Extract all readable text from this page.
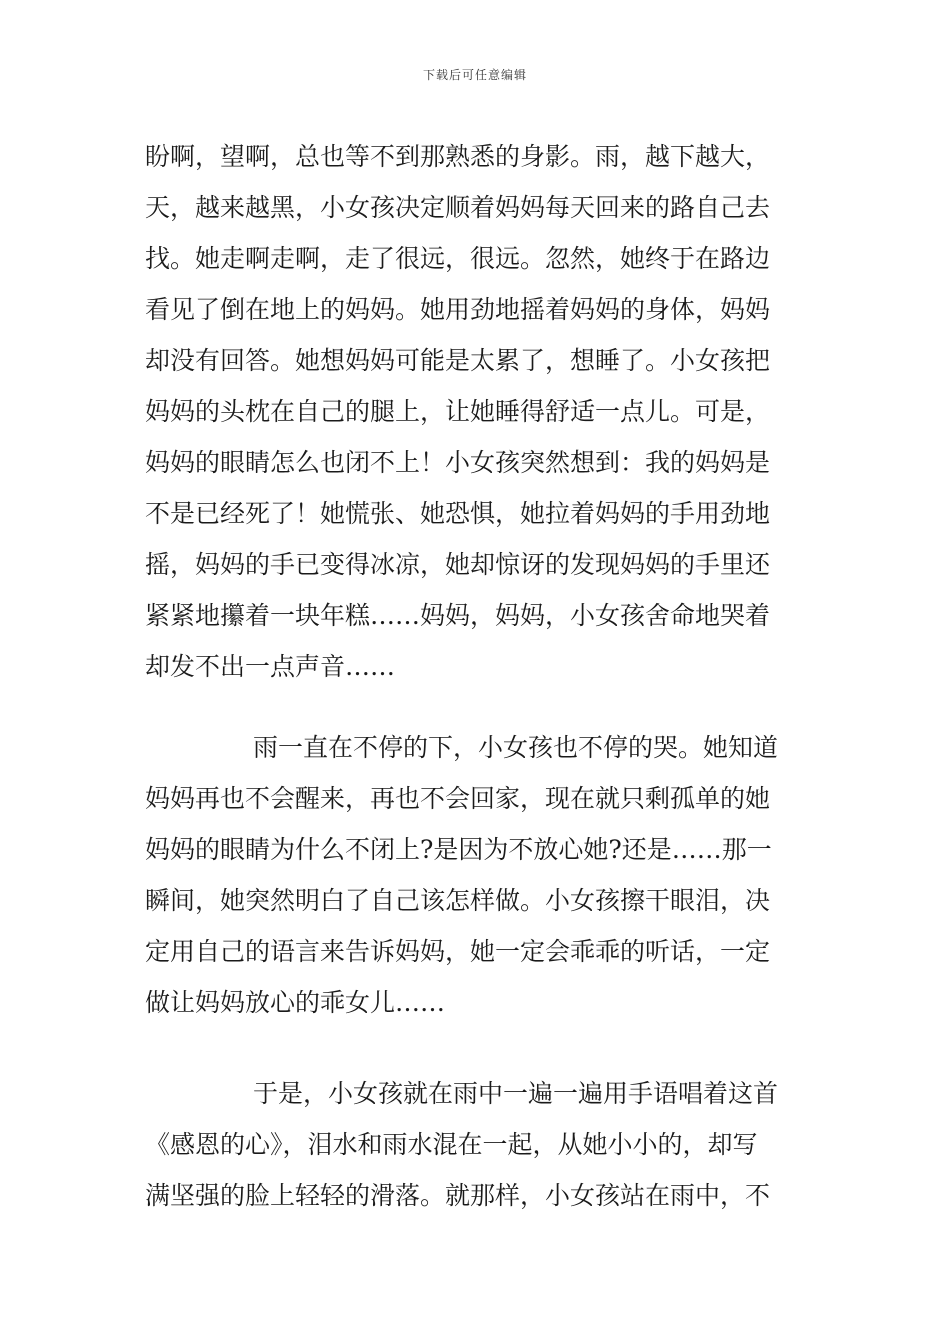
下载后可任意编辑
盼啊，望啊，总也等不到那熟悉的身影。雨，越下越大，
天，越来越黑，小女孩决定顺着妈妈每天回来的路自己去
找。她走啊走啊，走了很远，很远。忽然，她终于在路边
看见了倒在地上的妈妈。她用劲地摇着妈妈的身体，妈妈
却没有回答。她想妈妈可能是太累了，想睡了。小女孩把
妈妈的头枕在自己的腿上，让她睡得舒适一点儿。可是，
妈妈的眼睛怎么也闭不上！小女孩突然想到：我的妈妈是
不是已经死了！她慌张、她恐惧，她拉着妈妈的手用劲地
摇，妈妈的手已变得冰凉，她却惊讶的发现妈妈的手里还
紧紧地攥着一块年糕……妈妈，妈妈，小女孩舍命地哭着
却发不出一点声音……
雨一直在不停的下，小女孩也不停的哭。她知道
妈妈再也不会醒来，再也不会回家，现在就只剩孤单的她
妈妈的眼睛为什么不闭上?是因为不放心她?还是……那一
瞬间，她突然明白了自己该怎样做。小女孩擦干眼泪，决
定用自己的语言来告诉妈妈，她一定会乖乖的听话，一定
做让妈妈放心的乖女儿……
于是，小女孩就在雨中一遍一遍用手语唱着这首
《感恩的心》，泪水和雨水混在一起，从她小小的，却写
满坚强的脸上轻轻的滑落。就那样，小女孩站在雨中，不
